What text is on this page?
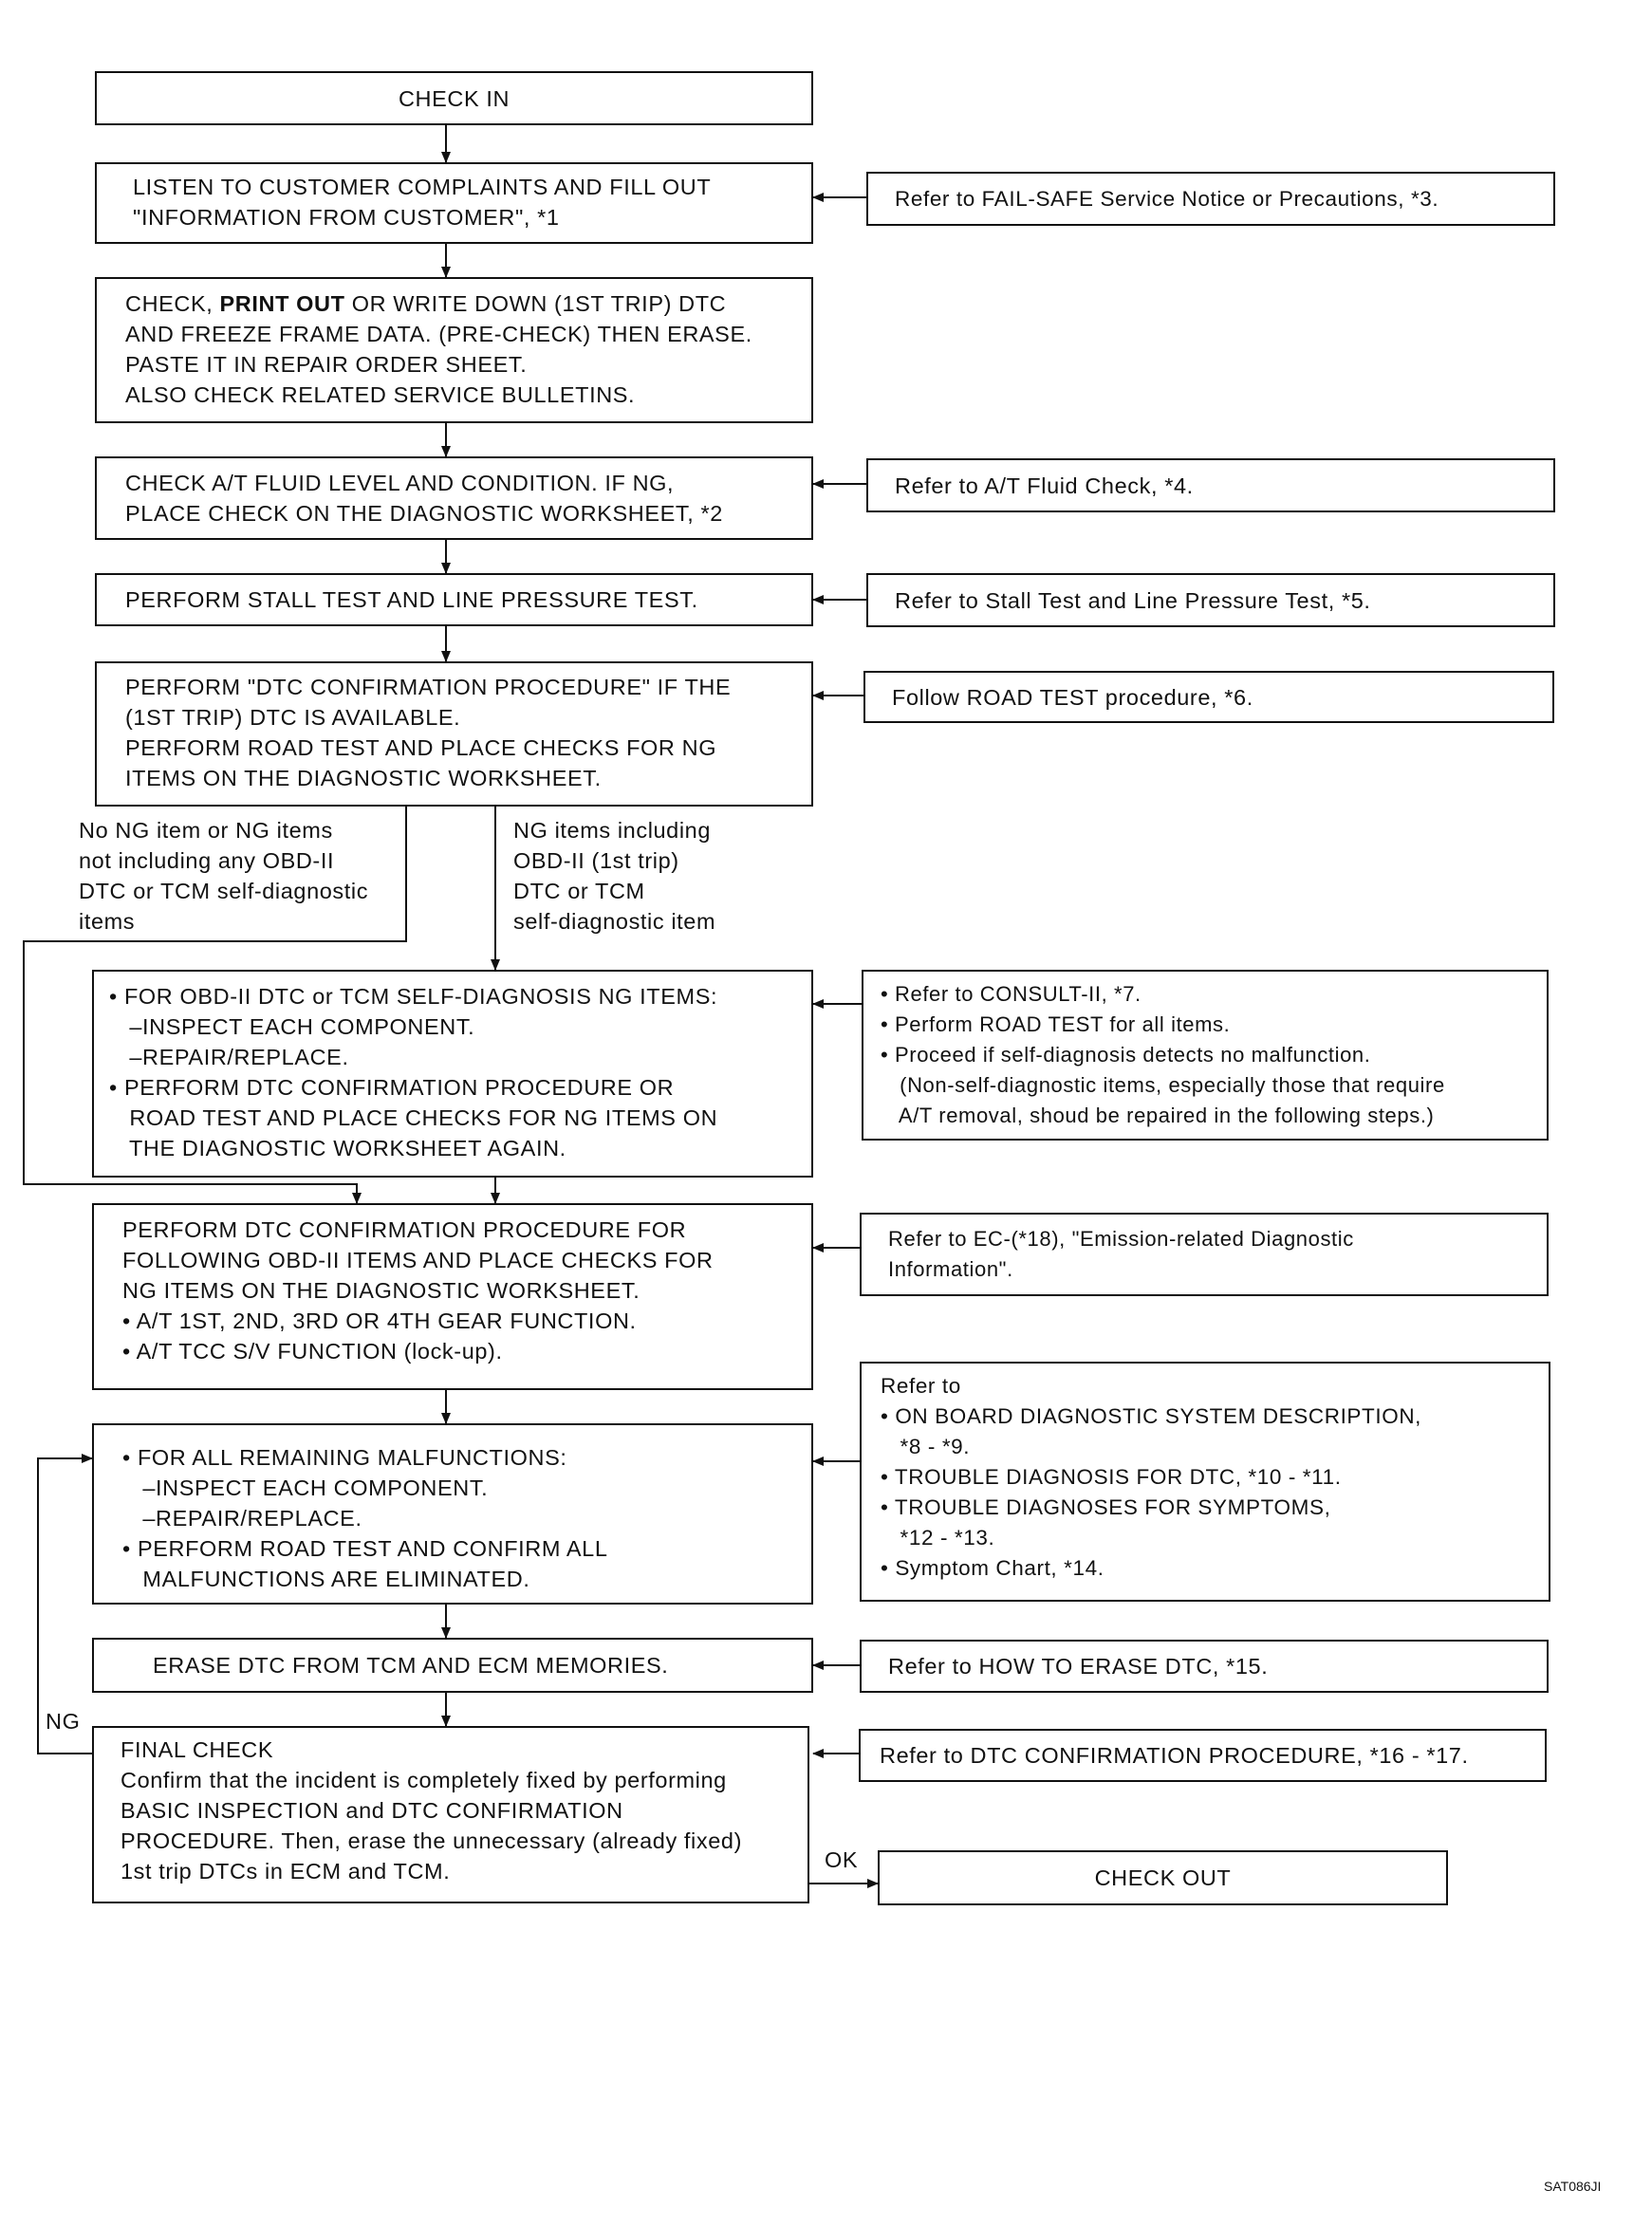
CHECK IN
LISTEN TO CUSTOMER COMPLAINTS AND FILL OUT
"INFORMATION FROM CUSTOMER", *1
CHECK, PRINT OUT OR WRITE DOWN (1ST TRIP) DTC
AND FREEZE FRAME DATA. (PRE-CHECK) THEN ERASE.
PASTE IT IN REPAIR ORDER SHEET.
ALSO CHECK RELATED SERVICE BULLETINS.
CHECK A/T FLUID LEVEL AND CONDITION. IF NG,
PLACE CHECK ON THE DIAGNOSTIC WORKSHEET, *2
PERFORM STALL TEST AND LINE PRESSURE TEST.
PERFORM "DTC CONFIRMATION PROCEDURE" IF THE
(1ST TRIP) DTC IS AVAILABLE.
PERFORM ROAD TEST AND PLACE CHECKS FOR NG
ITEMS ON THE DIAGNOSTIC WORKSHEET.
No NG item or NG items
not including any OBD-II
DTC or TCM self-diagnostic
items
NG items including
OBD-II (1st trip)
DTC or TCM
self-diagnostic item
• FOR OBD-II DTC or TCM SELF-DIAGNOSIS NG ITEMS:
–INSPECT EACH COMPONENT.
–REPAIR/REPLACE.
• PERFORM DTC CONFIRMATION PROCEDURE OR
ROAD TEST AND PLACE CHECKS FOR NG ITEMS ON
THE DIAGNOSTIC WORKSHEET AGAIN.
PERFORM DTC CONFIRMATION PROCEDURE FOR
FOLLOWING OBD-II ITEMS AND PLACE CHECKS FOR
NG ITEMS ON THE DIAGNOSTIC WORKSHEET.
• A/T 1ST, 2ND, 3RD OR 4TH GEAR FUNCTION.
• A/T TCC S/V FUNCTION (lock-up).
• FOR ALL REMAINING MALFUNCTIONS:
–INSPECT EACH COMPONENT.
–REPAIR/REPLACE.
• PERFORM ROAD TEST AND CONFIRM ALL
MALFUNCTIONS ARE ELIMINATED.
ERASE DTC FROM TCM AND ECM MEMORIES.
NG
FINAL CHECK
Confirm that the incident is completely fixed by performing
BASIC INSPECTION and DTC CONFIRMATION
PROCEDURE. Then, erase the unnecessary (already fixed)
1st trip DTCs in ECM and TCM.	OK
CHECK OUT
Refer to FAIL-SAFE Service Notice or Precautions, *3.
Refer to A/T Fluid Check, *4.
Refer to Stall Test and Line Pressure Test, *5.
Follow ROAD TEST procedure, *6.
• Refer to CONSULT-II, *7.
• Perform ROAD TEST for all items.
• Proceed if self-diagnosis detects no malfunction.
(Non-self-diagnostic items, especially those that require
A/T removal, shoud be repaired in the following steps.)
Refer to EC-(*18), "Emission-related Diagnostic
Information".
Refer to
• ON BOARD DIAGNOSTIC SYSTEM DESCRIPTION,
*8 - *9.
• TROUBLE DIAGNOSIS FOR DTC, *10 - *11.
• TROUBLE DIAGNOSES FOR SYMPTOMS,
*12 - *13.
• Symptom Chart, *14.
Refer to HOW TO ERASE DTC, *15.
Refer to DTC CONFIRMATION PROCEDURE, *16 - *17.
SAT086JI
